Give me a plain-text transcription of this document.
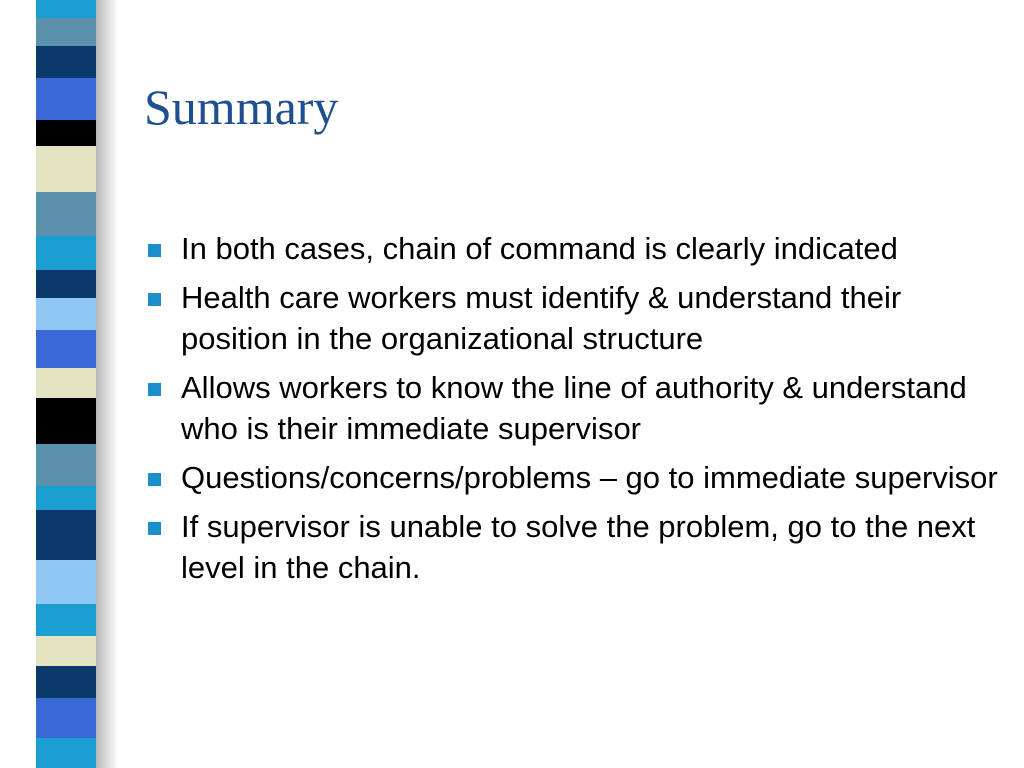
Summary
In both cases, chain of command is clearly indicated
Health care workers must identify & understand their position in the organizational structure
Allows workers to know the line of authority & understand who is their immediate supervisor
Questions/concerns/problems – go to immediate supervisor
If supervisor is unable to solve the problem, go to the next level in the chain.
